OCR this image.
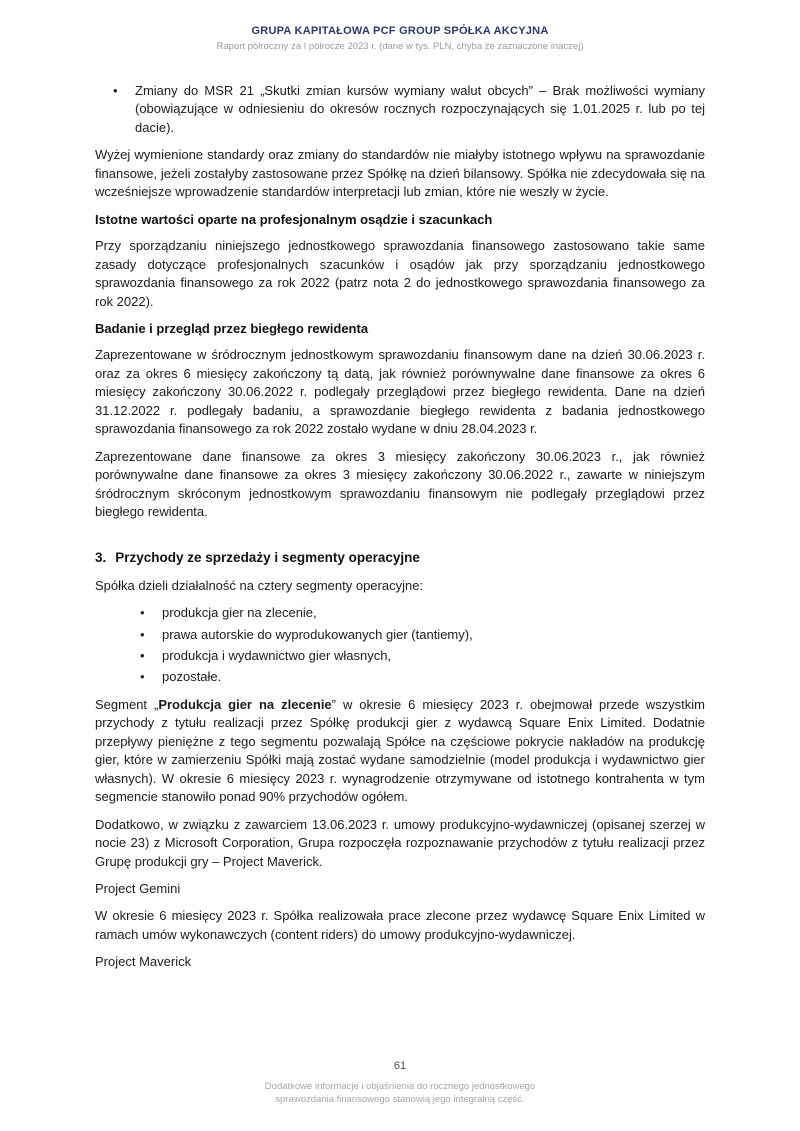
GRUPA KAPITAŁOWA PCF GROUP SPÓŁKA AKCYJNA
Raport półroczny za I półrocze 2023 r. (dane w tys. PLN, chyba że zaznaczone inaczej)
•	Zmiany do MSR 21 „Skutki zmian kursów wymiany walut obcych” – Brak możliwości wymiany (obowiązujące w odniesieniu do okresów rocznych rozpoczynających się 1.01.2025 r. lub po tej dacie).

Wyżej wymienione standardy oraz zmiany do standardów nie miałyby istotnego wpływu na sprawozdanie finansowe, jeżeli zostałyby zastosowane przez Spółkę na dzień bilansowy. Spółka nie zdecydowała się na wcześniejsze wprowadzenie standardów interpretacji lub zmian, które nie weszły w życie.

Istotne wartości oparte na profesjonalnym osądzie i szacunkach

Przy sporządzaniu niniejszego jednostkowego sprawozdania finansowego zastosowano takie same zasady dotyczące profesjonalnych szacunków i osądów jak przy sporządzaniu jednostkowego sprawozdania finansowego za rok 2022 (patrz nota 2 do jednostkowego sprawozdania finansowego za rok 2022).

Badanie i przegląd przez biegłego rewidenta

Zaprezentowane w śródrocznym jednostkowym sprawozdaniu finansowym dane na dzień 30.06.2023 r. oraz za okres 6 miesięcy zakończony tą datą, jak również porównywalne dane finansowe za okres 6 miesięcy zakończony 30.06.2022 r. podlegały przeglądowi przez biegłego rewidenta. Dane na dzień 31.12.2022 r. podlegały badaniu, a sprawozdanie biegłego rewidenta z badania jednostkowego sprawozdania finansowego za rok 2022 zostało wydane w dniu 28.04.2023 r.

Zaprezentowane dane finansowe za okres 3 miesięcy zakończony 30.06.2023 r., jak również porównywalne dane finansowe za okres 3 miesięcy zakończony 30.06.2022 r., zawarte w niniejszym śródrocznym skróconym jednostkowym sprawozdaniu finansowym nie podlegały przeglądowi przez biegłego rewidenta.

3. Przychody ze sprzedaży i segmenty operacyjne

Spółka dzieli działalność na cztery segmenty operacyjne:

•	produkcja gier na zlecenie,
•	prawa autorskie do wyprodukowanych gier (tantiemy),
•	produkcja i wydawnictwo gier własnych,
•	pozostałe.

Segment „Produkcja gier na zlecenie” w okresie 6 miesięcy 2023 r. obejmował przede wszystkim przychody z tytułu realizacji przez Spółkę produkcji gier z wydawcą Square Enix Limited. Dodatnie przepływy pieniężne z tego segmentu pozwalają Spółce na częściowe pokrycie nakładów na produkcję gier, które w zamierzeniu Spółki mają zostać wydane samodzielnie (model produkcja i wydawnictwo gier własnych). W okresie 6 miesięcy 2023 r. wynagrodzenie otrzymywane od istotnego kontrahenta w tym segmencie stanowiło ponad 90% przychodów ogółem.

Dodatkowo, w związku z zawarciem 13.06.2023 r. umowy produkcyjno-wydawniczej (opisanej szerzej w nocie 23) z Microsoft Corporation, Grupa rozpoczęła rozpoznawanie przychodów z tytułu realizacji przez Grupę produkcji gry – Project Maverick.

Project Gemini

W okresie 6 miesięcy 2023 r. Spółka realizowała prace zlecone przez wydawcę Square Enix Limited w ramach umów wykonawczych (content riders) do umowy produkcyjno-wydawniczej.

Project Maverick

61
Dodatkowe informacje i objaśnienia do rocznego jednostkowego
sprawozdania finansowego stanowią jego integralną część.
